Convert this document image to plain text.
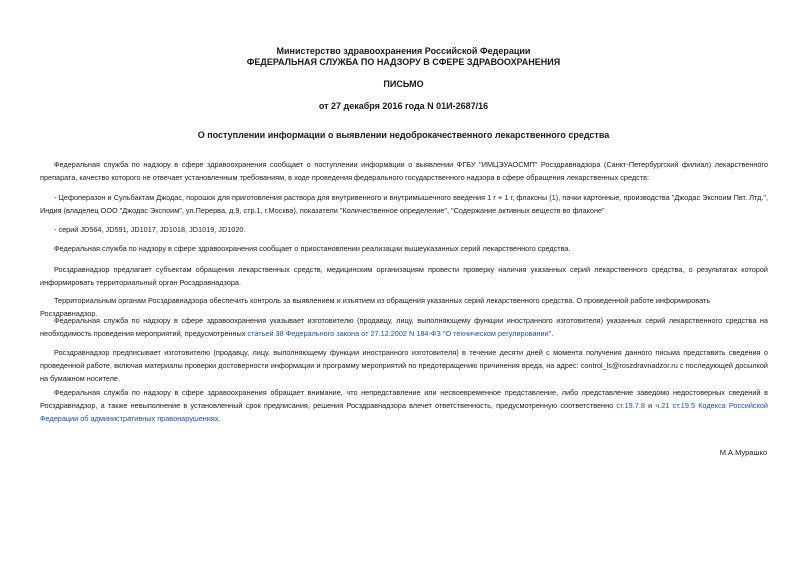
Министерство здравоохранения Российской Федерации
ФЕДЕРАЛЬНАЯ СЛУЖБА ПО НАДЗОРУ В СФЕРЕ ЗДРАВООХРАНЕНИЯ
ПИСЬМО
от 27 декабря 2016 года N 01И-2687/16
О поступлении информации о выявлении недоброкачественного лекарственного средства
Федеральная служба по надзору в сфере здравоохранения сообщает о поступлении информации о выявлении ФГБУ "ИМЦЭУАОСМП" Росздравнадзора (Санкт-Петербургский филиал) лекарственного препарата, качество которого не отвечает установленным требованиям, в ходе проведения федерального государственного надзора в сфере обращения лекарственных средств:
- Цефоперазон и Сульбактам Джодас, порошок для приготовления раствора для внутривенного и внутримышечного введения 1 г + 1 г, флаконы (1), пачки картонные, производства "Джодас Экспоим Пвт. Лтд.", Индия (владелец ООО "Джодас Экспоим", ул.Перерва, д.9, стр.1, г.Москва), показатели "Количественное определение", "Содержание активных веществ во флаконе"
- серий JD564, JD591, JD1017, JD1018, JD1019, JD1020.
Федеральная служба по надзору в сфере здравоохранения сообщает о приостановлении реализации вышеуказанных серий лекарственного средства.
Росздравнадзор предлагает субъектам обращения лекарственных средств, медицинским организациям провести проверку наличия указанных серий лекарственного средства, о результатах которой информировать территориальный орган Росздравнадзора.
Территориальным органам Росздравнадзора обеспечить контроль за выявлением и изъятием из обращения указанных серий лекарственного средства. О проведенной работе информировать Росздравнадзор.
Федеральная служба по надзору в сфере здравоохранения указывает изготовителю (продавцу, лицу, выполняющему функции иностранного изготовителя) указанных серий лекарственного средства на необходимость проведения мероприятий, предусмотренных статьей 38 Федерального закона от 27.12.2002 N 184-ФЗ "О техническом регулировании".
Росздравнадзор предписывает изготовителю (продавцу, лицу, выполняющему функции иностранного изготовителя) в течение десяти дней с момента получения данного письма представить сведения о проведенной работе, включая материалы проверки достоверности информации и программу мероприятий по предотвращению причинения вреда, на адрес: control_ls@roszdravnadzor.ru с последующей досылкой на бумажном носителе.
Федеральная служба по надзору в сфере здравоохранения обращает внимание, что непредставление или несвоевременное представление, либо представление заведомо недостоверных сведений в Росздравнадзор, а также невыполнение в установленный срок предписания, решения Росздравнадзора влечет ответственность, предусмотренную соответственно ст.19.7.8 и ч.21 ст.19.5 Кодекса Российской Федерации об административных правонарушениях.
М.А.Мурашко
